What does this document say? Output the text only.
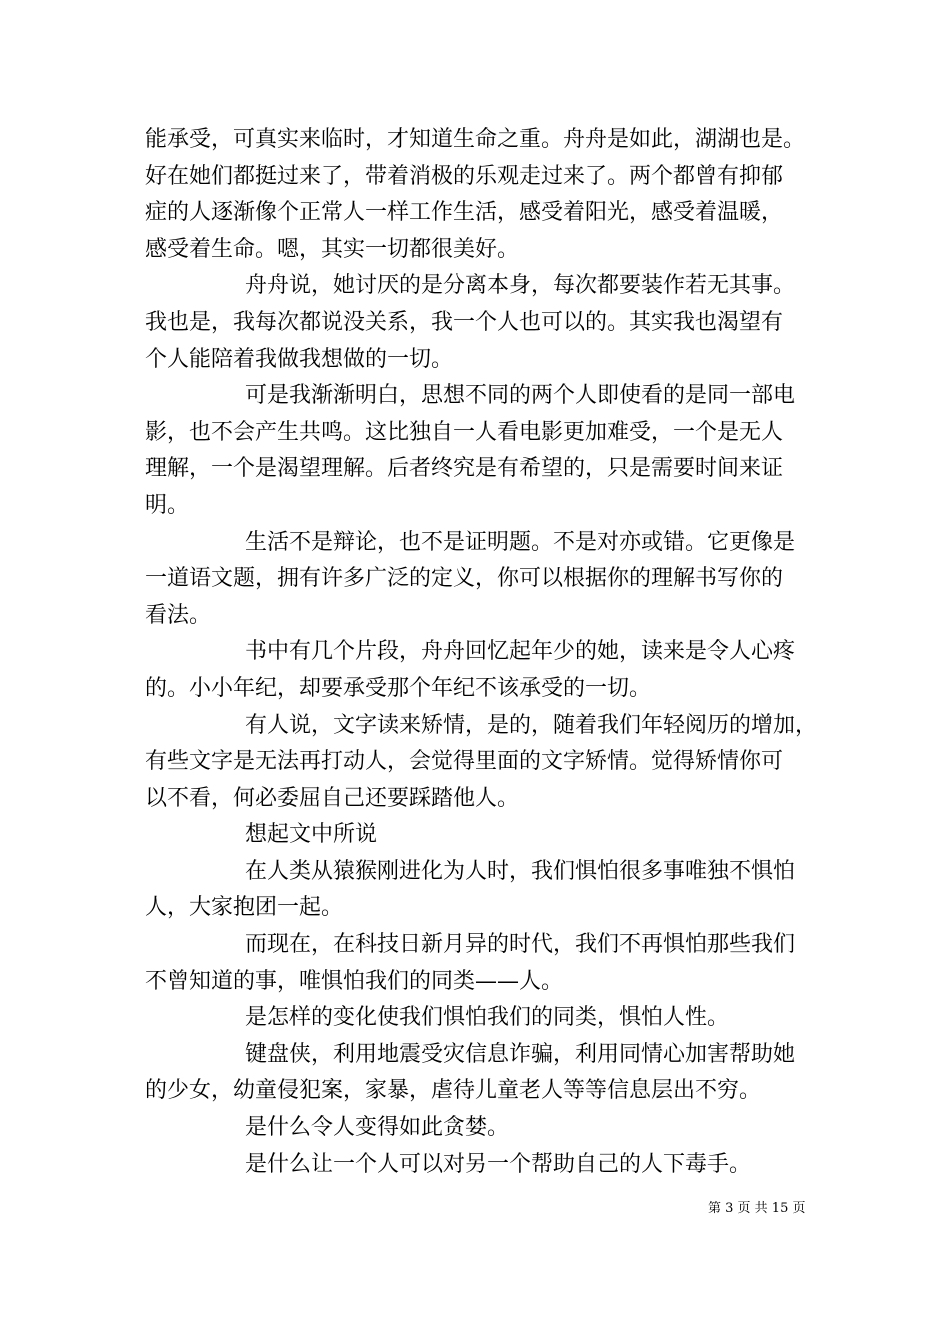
能承受，可真实来临时，才知道生命之重。舟舟是如此，湖湖也是。
好在她们都挺过来了，带着消极的乐观走过来了。两个都曾有抑郁
症的人逐渐像个正常人一样工作生活，感受着阳光，感受着温暖，
感受着生命。嗯，其实一切都很美好。
舟舟说，她讨厌的是分离本身，每次都要装作若无其事。
我也是，我每次都说没关系，我一个人也可以的。其实我也渴望有
个人能陪着我做我想做的一切。
可是我渐渐明白，思想不同的两个人即使看的是同一部电
影，也不会产生共鸣。这比独自一人看电影更加难受，一个是无人
理解，一个是渴望理解。后者终究是有希望的，只是需要时间来证
明。
生活不是辩论，也不是证明题。不是对亦或错。它更像是
一道语文题，拥有许多广泛的定义，你可以根据你的理解书写你的
看法。
书中有几个片段，舟舟回忆起年少的她，读来是令人心疼
的。小小年纪，却要承受那个年纪不该承受的一切。
有人说，文字读来矫情，是的，随着我们年轻阅历的增加，
有些文字是无法再打动人，会觉得里面的文字矫情。觉得矫情你可
以不看，何必委屈自己还要踩踏他人。
想起文中所说
在人类从猿猴刚进化为人时，我们惧怕很多事唯独不惧怕
人，大家抱团一起。
而现在，在科技日新月异的时代，我们不再惧怕那些我们
不曾知道的事，唯惧怕我们的同类——人。
是怎样的变化使我们惧怕我们的同类，惧怕人性。
键盘侠，利用地震受灾信息诈骗，利用同情心加害帮助她
的少女，幼童侵犯案，家暴，虐待儿童老人等等信息层出不穷。
是什么令人变得如此贪婪。
是什么让一个人可以对另一个帮助自己的人下毒手。
第 3 页 共 15 页
